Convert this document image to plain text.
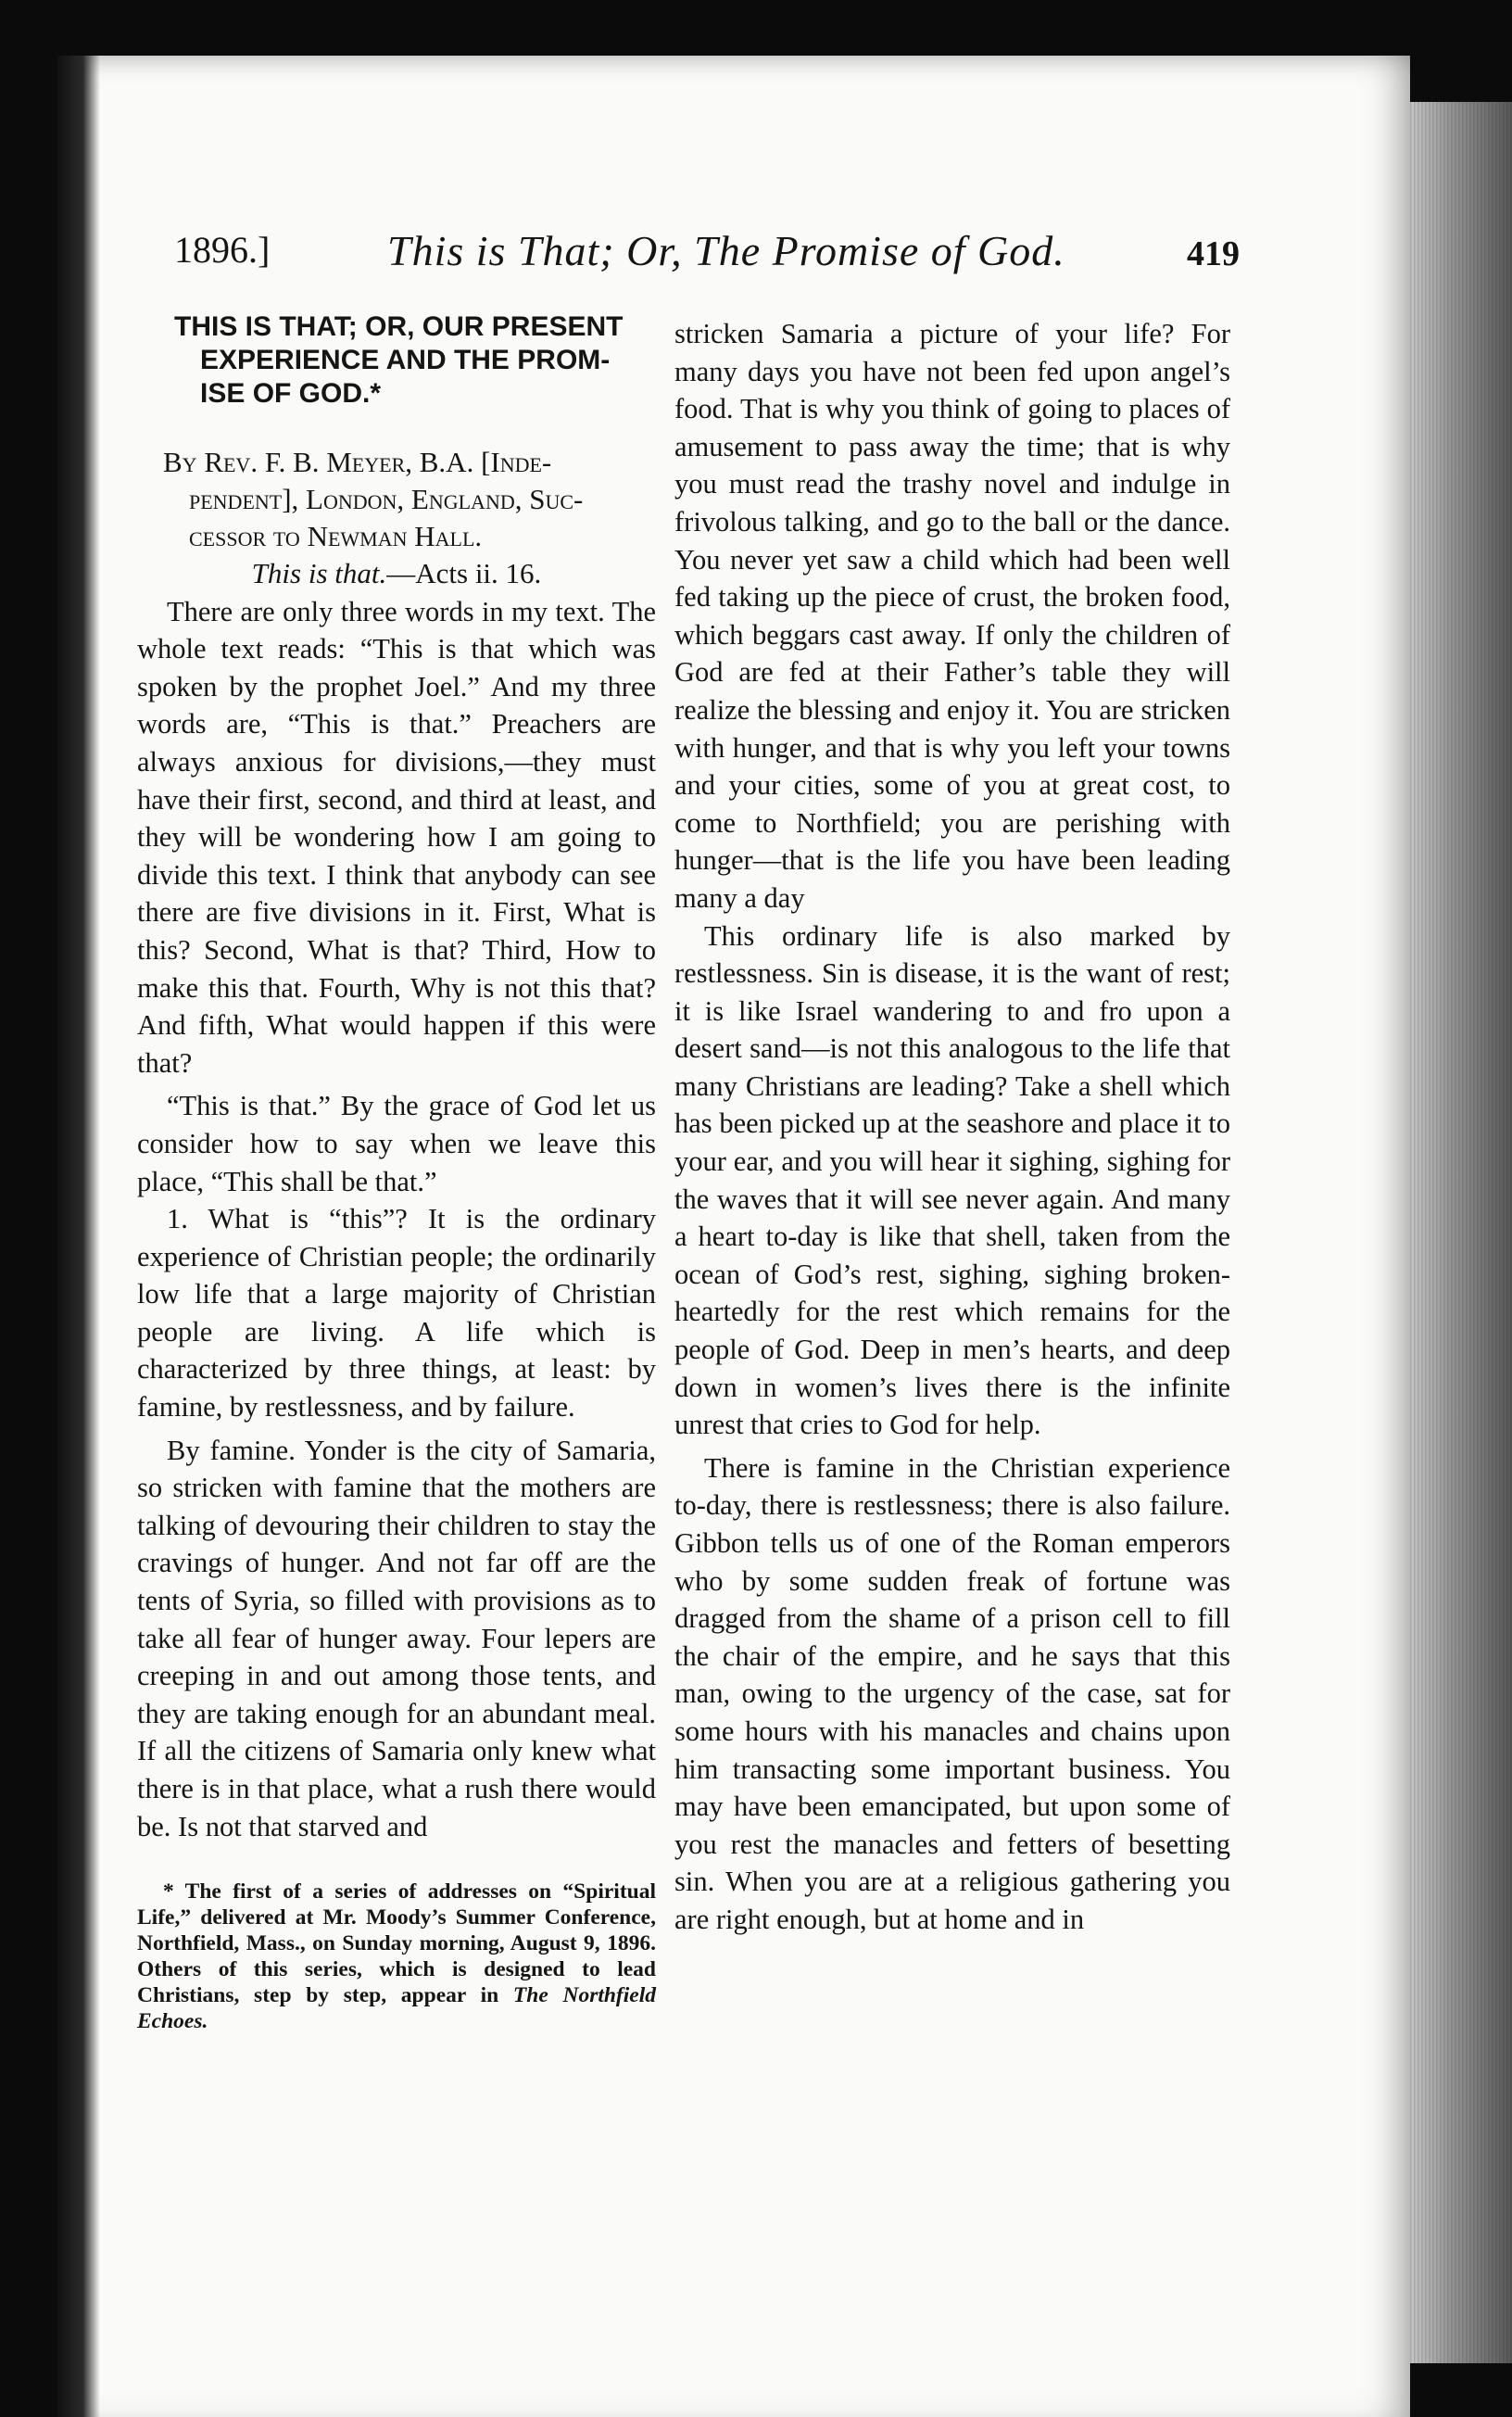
1896.]	This is That; Or, The Promise of God.	419
THIS IS THAT; OR, OUR PRESENT
EXPERIENCE AND THE PROM-
ISE OF GOD.*
By Rev. F. B. Meyer, B.A. [Inde-
pendent], London, England, Suc-
cessor to Newman Hall.

This is that.—Acts ii. 16.

There are only three words in my text. The whole text reads: “This is that which was spoken by the prophet Joel.” And my three words are, “This is that.” Preachers are always anxious for divisions,—they must have their first, second, and third at least, and they will be wondering how I am going to divide this text. I think that anybody can see there are five divisions in it. First, What is this? Second, What is that? Third, How to make this that. Fourth, Why is not this that? And fifth, What would happen if this were that?

“This is that.” By the grace of God let us consider how to say when we leave this place, “This shall be that.”

1. What is “this”? It is the ordinary experience of Christian people; the ordinarily low life that a large majority of Christian people are living. A life which is characterized by three things, at least: by famine, by restlessness, and by failure.

By famine. Yonder is the city of Samaria, so stricken with famine that the mothers are talking of devouring their children to stay the cravings of hunger. And not far off are the tents of Syria, so filled with provisions as to take all fear of hunger away. Four lepers are creeping in and out among those tents, and they are taking enough for an abundant meal. If all the citizens of Samaria only knew what there is in that place, what a rush there would be. Is not that starved and

* The first of a series of addresses on “Spiritual Life,” delivered at Mr. Moody’s Summer Conference, Northfield, Mass., on Sunday morning, August 9, 1896. Others of this series, which is designed to lead Christians, step by step, appear in The Northfield Echoes.

stricken Samaria a picture of your life? For many days you have not been fed upon angel’s food. That is why you think of going to places of amusement to pass away the time; that is why you must read the trashy novel and indulge in frivolous talking, and go to the ball or the dance. You never yet saw a child which had been well fed taking up the piece of crust, the broken food, which beggars cast away. If only the children of God are fed at their Father’s table they will realize the blessing and enjoy it. You are stricken with hunger, and that is why you left your towns and your cities, some of you at great cost, to come to Northfield; you are perishing with hunger—that is the life you have been leading many a day

This ordinary life is also marked by restlessness. Sin is disease, it is the want of rest; it is like Israel wandering to and fro upon a desert sand—is not this analogous to the life that many Christians are leading? Take a shell which has been picked up at the seashore and place it to your ear, and you will hear it sighing, sighing for the waves that it will see never again. And many a heart to-day is like that shell, taken from the ocean of God’s rest, sighing, sighing broken-heartedly for the rest which remains for the people of God. Deep in men’s hearts, and deep down in women’s lives there is the infinite unrest that cries to God for help.

There is famine in the Christian experience to-day, there is restlessness; there is also failure. Gibbon tells us of one of the Roman emperors who by some sudden freak of fortune was dragged from the shame of a prison cell to fill the chair of the empire, and he says that this man, owing to the urgency of the case, sat for some hours with his manacles and chains upon him transacting some important business. You may have been emancipated, but upon some of you rest the manacles and fetters of besetting sin. When you are at a religious gathering you are right enough, but at home and in
